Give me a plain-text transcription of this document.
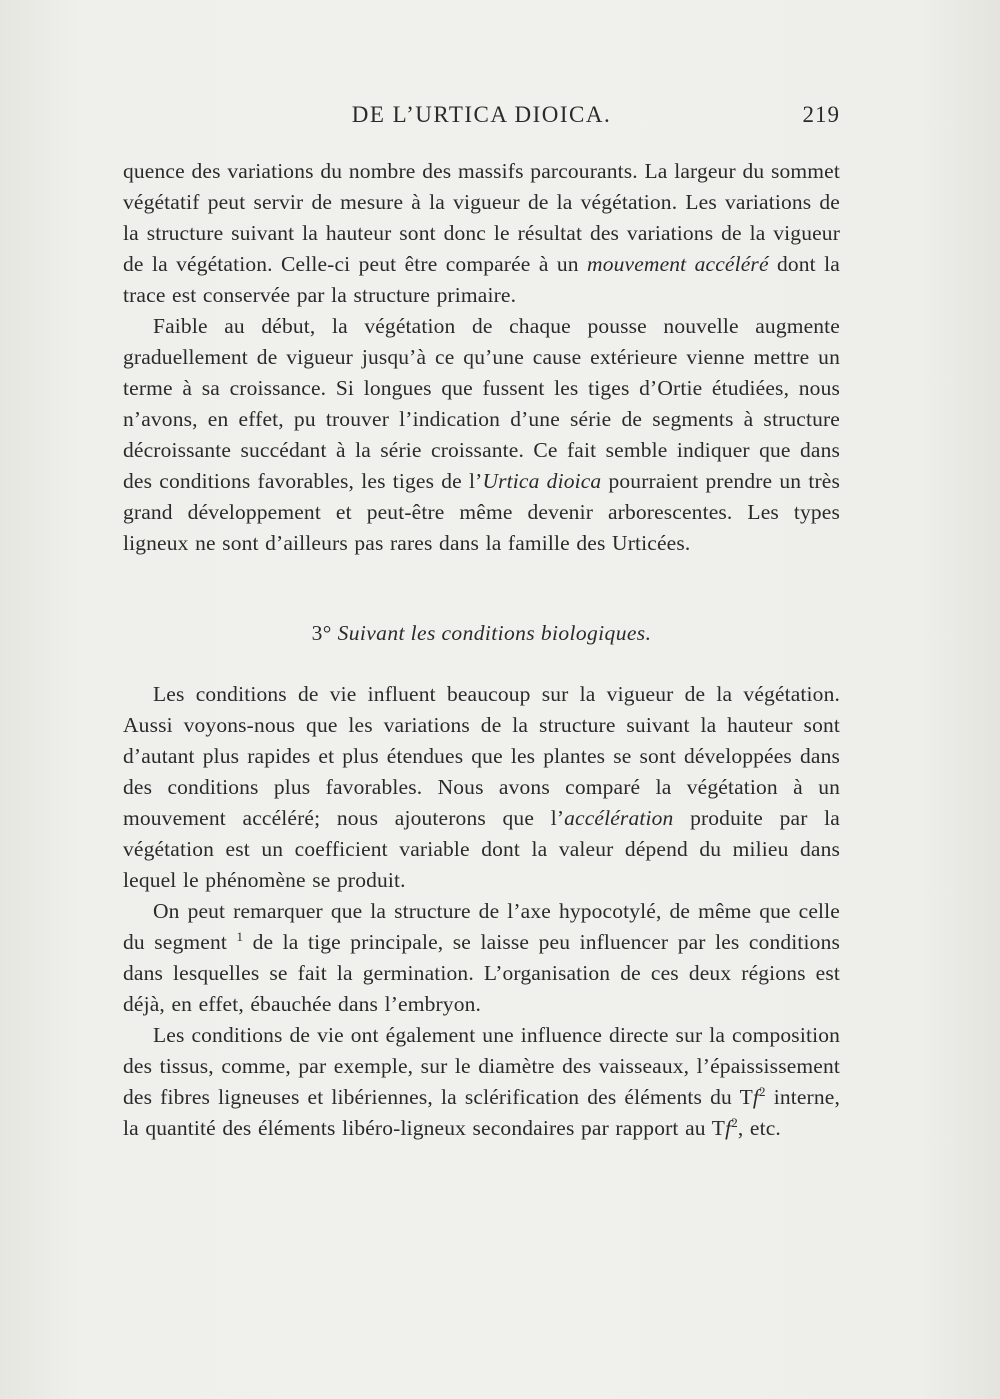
DE L’URTICA DIOICA.	219

quence des variations du nombre des massifs parcourants. La largeur du sommet végétatif peut servir de mesure à la vigueur de la végétation. Les variations de la structure suivant la hauteur sont donc le résultat des variations de la vigueur de la végétation. Celle-ci peut être comparée à un mouvement accéléré dont la trace est conservée par la structure primaire.

Faible au début, la végétation de chaque pousse nouvelle augmente graduellement de vigueur jusqu’à ce qu’une cause extérieure vienne mettre un terme à sa croissance. Si longues que fussent les tiges d’Ortie étudiées, nous n’avons, en effet, pu trouver l’indication d’une série de segments à structure décroissante succédant à la série croissante. Ce fait semble indiquer que dans des conditions favorables, les tiges de l’Urtica dioica pourraient prendre un très grand développement et peut-être même devenir arborescentes. Les types ligneux ne sont d’ailleurs pas rares dans la famille des Urticées.

3° Suivant les conditions biologiques.

Les conditions de vie influent beaucoup sur la vigueur de la végétation. Aussi voyons-nous que les variations de la structure suivant la hauteur sont d’autant plus rapides et plus étendues que les plantes se sont développées dans des conditions plus favorables. Nous avons comparé la végétation à un mouvement accéléré; nous ajouterons que l’accélération produite par la végétation est un coefficient variable dont la valeur dépend du milieu dans lequel le phénomène se produit.

On peut remarquer que la structure de l’axe hypocotylé, de même que celle du segment $^1$ de la tige principale, se laisse peu influencer par les conditions dans lesquelles se fait la germination. L’organisation de ces deux régions est déjà, en effet, ébauchée dans l’embryon.

Les conditions de vie ont également une influence directe sur la composition des tissus, comme, par exemple, sur le diamètre des vaisseaux, l’épaississement des fibres ligneuses et libériennes, la sclérification des éléments du Tf$^2$ interne, la quantité des éléments libéro-ligneux secondaires par rapport au Tf$^2$, etc.
